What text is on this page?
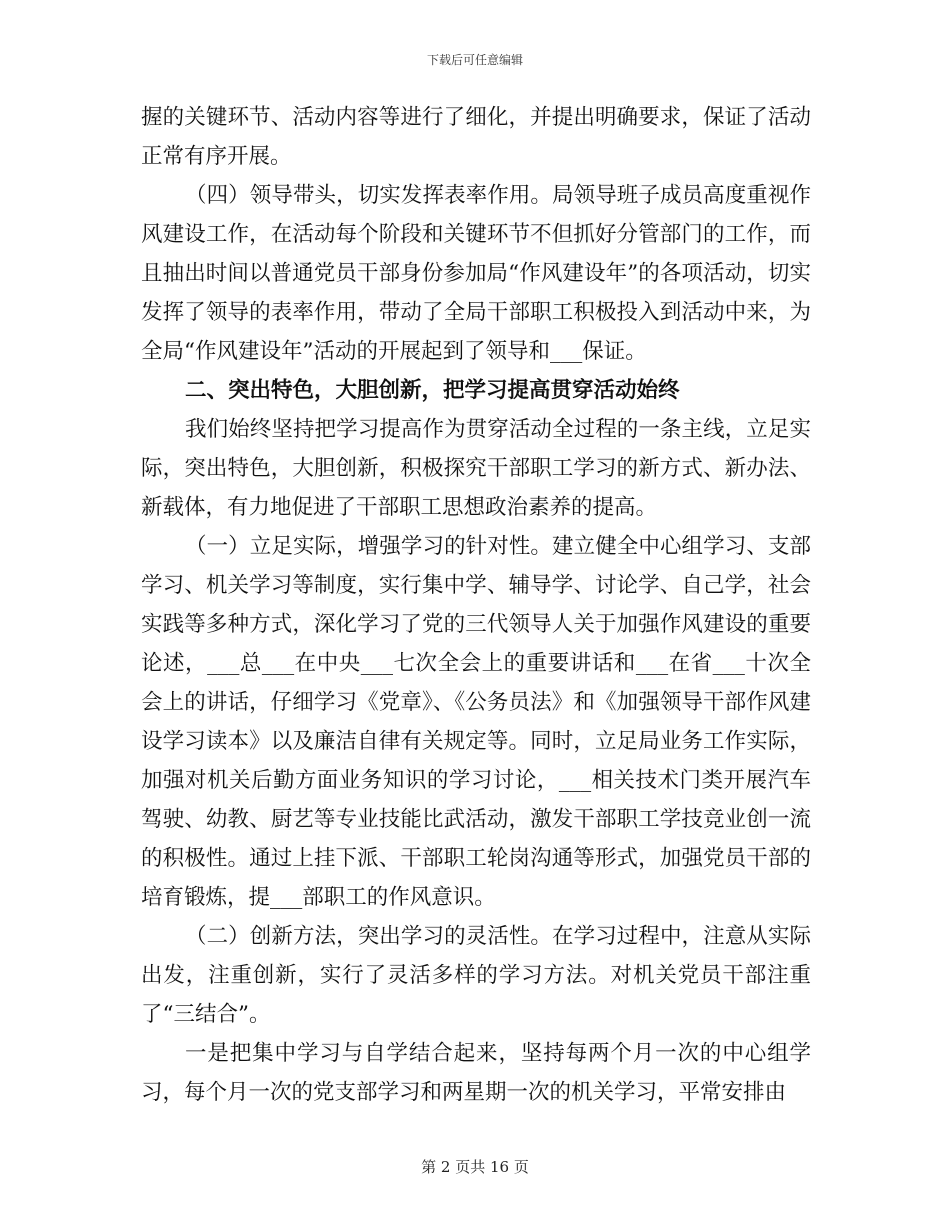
下载后可任意编辑

握的关键环节、活动内容等进行了细化，并提出明确要求，保证了活动正常有序开展。

（四）领导带头，切实发挥表率作用。局领导班子成员高度重视作风建设工作，在活动每个阶段和关键环节不但抓好分管部门的工作，而且抽出时间以普通党员干部身份参加局“作风建设年”的各项活动，切实发挥了领导的表率作用，带动了全局干部职工积极投入到活动中来，为全局“作风建设年”活动的开展起到了领导和___保证。

二、突出特色，大胆创新，把学习提高贯穿活动始终

我们始终坚持把学习提高作为贯穿活动全过程的一条主线，立足实际，突出特色，大胆创新，积极探究干部职工学习的新方式、新办法、新载体，有力地促进了干部职工思想政治素养的提高。

（一）立足实际，增强学习的针对性。建立健全中心组学习、支部学习、机关学习等制度，实行集中学、辅导学、讨论学、自己学，社会实践等多种方式，深化学习了党的三代领导人关于加强作风建设的重要论述，___总___在中央___七次全会上的重要讲话和___在省___十次全会上的讲话，仔细学习《党章》、《公务员法》和《加强领导干部作风建设学习读本》以及廉洁自律有关规定等。同时，立足局业务工作实际，加强对机关后勤方面业务知识的学习讨论，___相关技术门类开展汽车驾驶、幼教、厨艺等专业技能比武活动，激发干部职工学技竞业创一流的积极性。通过上挂下派、干部职工轮岗沟通等形式，加强党员干部的培育锻炼，提___部职工的作风意识。

（二）创新方法，突出学习的灵活性。在学习过程中，注意从实际出发，注重创新，实行了灵活多样的学习方法。对机关党员干部注重了“三结合”。

一是把集中学习与自学结合起来，坚持每两个月一次的中心组学习，每个月一次的党支部学习和两星期一次的机关学习，平常安排由

第 2 页共 16 页
